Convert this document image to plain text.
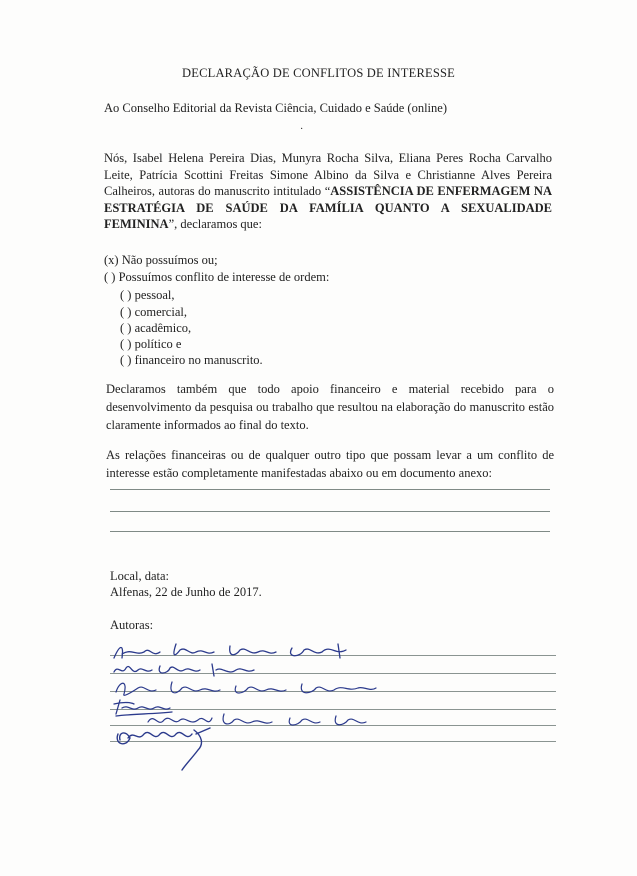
DECLARAÇÃO DE CONFLITOS DE INTERESSE
Ao Conselho Editorial da Revista Ciência, Cuidado e Saúde (online)
·
Nós, Isabel Helena Pereira Dias, Munyra Rocha Silva, Eliana Peres Rocha Carvalho Leite, Patrícia Scottini Freitas Simone Albino da Silva e Christianne Alves Pereira Calheiros, autoras do manuscrito intitulado “ASSISTÊNCIA DE ENFERMAGEM NA ESTRATÉGIA DE SAÚDE DA FAMÍLIA QUANTO A SEXUALIDADE FEMININA”, declaramos que:
(x) Não possuímos ou;
( ) Possuímos conflito de interesse de ordem:
( ) pessoal,
( ) comercial,
( ) acadêmico,
( ) político e
( ) financeiro no manuscrito.
Declaramos também que todo apoio financeiro e material recebido para o desenvolvimento da pesquisa ou trabalho que resultou na elaboração do manuscrito estão claramente informados ao final do texto.
As relações financeiras ou de qualquer outro tipo que possam levar a um conflito de interesse estão completamente manifestadas abaixo ou em documento anexo:
Local, data:
Alfenas, 22 de Junho de 2017.
Autoras:
